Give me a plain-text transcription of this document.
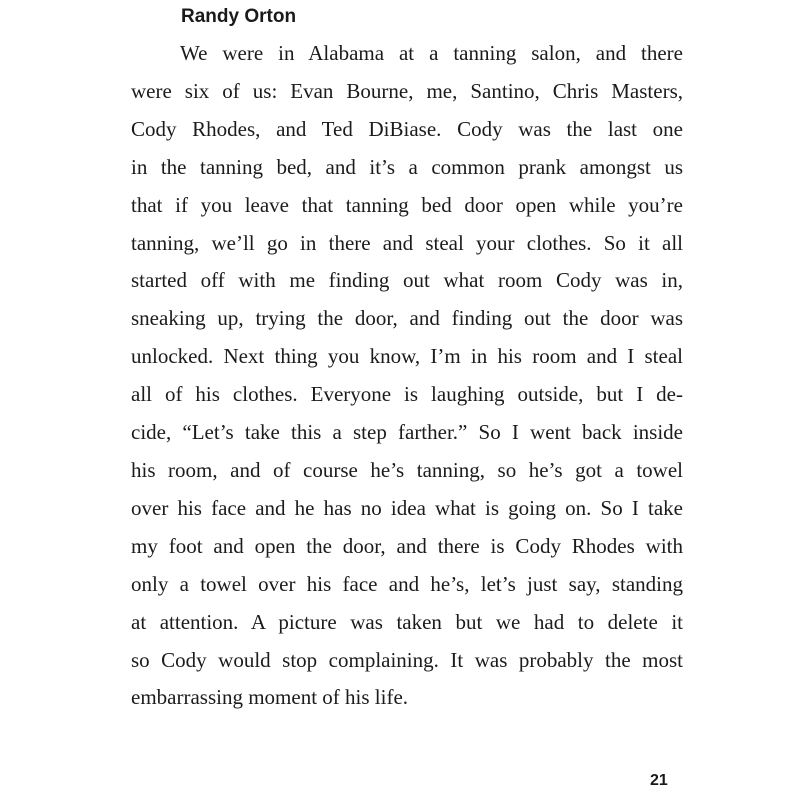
Randy Orton
We were in Alabama at a tanning salon, and there
were six of us: Evan Bourne, me, Santino, Chris Masters,
Cody Rhodes, and Ted DiBiase. Cody was the last one
in the tanning bed, and it’s a common prank amongst us
that if you leave that tanning bed door open while you’re
tanning, we’ll go in there and steal your clothes. So it all
started off with me finding out what room Cody was in,
sneaking up, trying the door, and finding out the door was
unlocked. Next thing you know, I’m in his room and I steal
all of his clothes. Everyone is laughing outside, but I de-
cide, “Let’s take this a step farther.” So I went back inside
his room, and of course he’s tanning, so he’s got a towel
over his face and he has no idea what is going on. So I take
my foot and open the door, and there is Cody Rhodes with
only a towel over his face and he’s, let’s just say, standing
at attention. A picture was taken but we had to delete it
so Cody would stop complaining. It was probably the most
embarrassing moment of his life.
21
